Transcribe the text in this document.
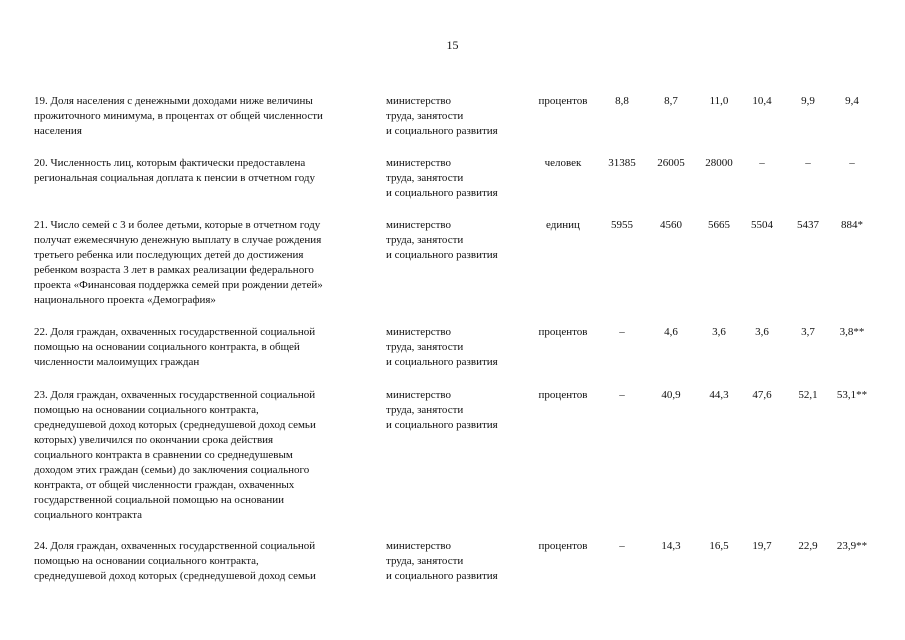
15
19. Доля населения с денежными доходами ниже величины
прожиточного минимума, в процентах от общей численности
населения
министерство
труда, занятости
и социального развития
процентов	8,8	8,7	11,0	10,4	9,9	9,4
20. Численность лиц, которым фактически предоставлена
региональная социальная доплата к пенсии в отчетном году
министерство
труда, занятости
и социального развития
человек	31385	26005	28000	–	–	–
21. Число семей с 3 и более детьми, которые в отчетном году
получат ежемесячную денежную выплату в случае рождения
третьего ребенка или последующих детей до достижения
ребенком возраста 3 лет в рамках реализации федерального
проекта «Финансовая поддержка семей при рождении детей»
национального проекта «Демография»
министерство
труда, занятости
и социального развития
единиц	5955	4560	5665	5504	5437	884*
22. Доля граждан, охваченных государственной социальной
помощью на основании социального контракта, в общей
численности малоимущих граждан
министерство
труда, занятости
и социального развития
процентов	–	4,6	3,6	3,6	3,7	3,8**
23. Доля граждан, охваченных государственной социальной
помощью на основании социального контракта,
среднедушевой доход которых (среднедушевой доход семьи
которых) увеличился по окончании срока действия
социального контракта в сравнении со среднедушевым
доходом этих граждан (семьи) до заключения социального
контракта, от общей численности граждан, охваченных
государственной социальной помощью на основании
социального контракта
министерство
труда, занятости
и социального развития
процентов	–	40,9	44,3	47,6	52,1	53,1**
24. Доля граждан, охваченных государственной социальной
помощью на основании социального контракта,
среднедушевой доход которых (среднедушевой доход семьи
министерство
труда, занятости
и социального развития
процентов	–	14,3	16,5	19,7	22,9	23,9**
